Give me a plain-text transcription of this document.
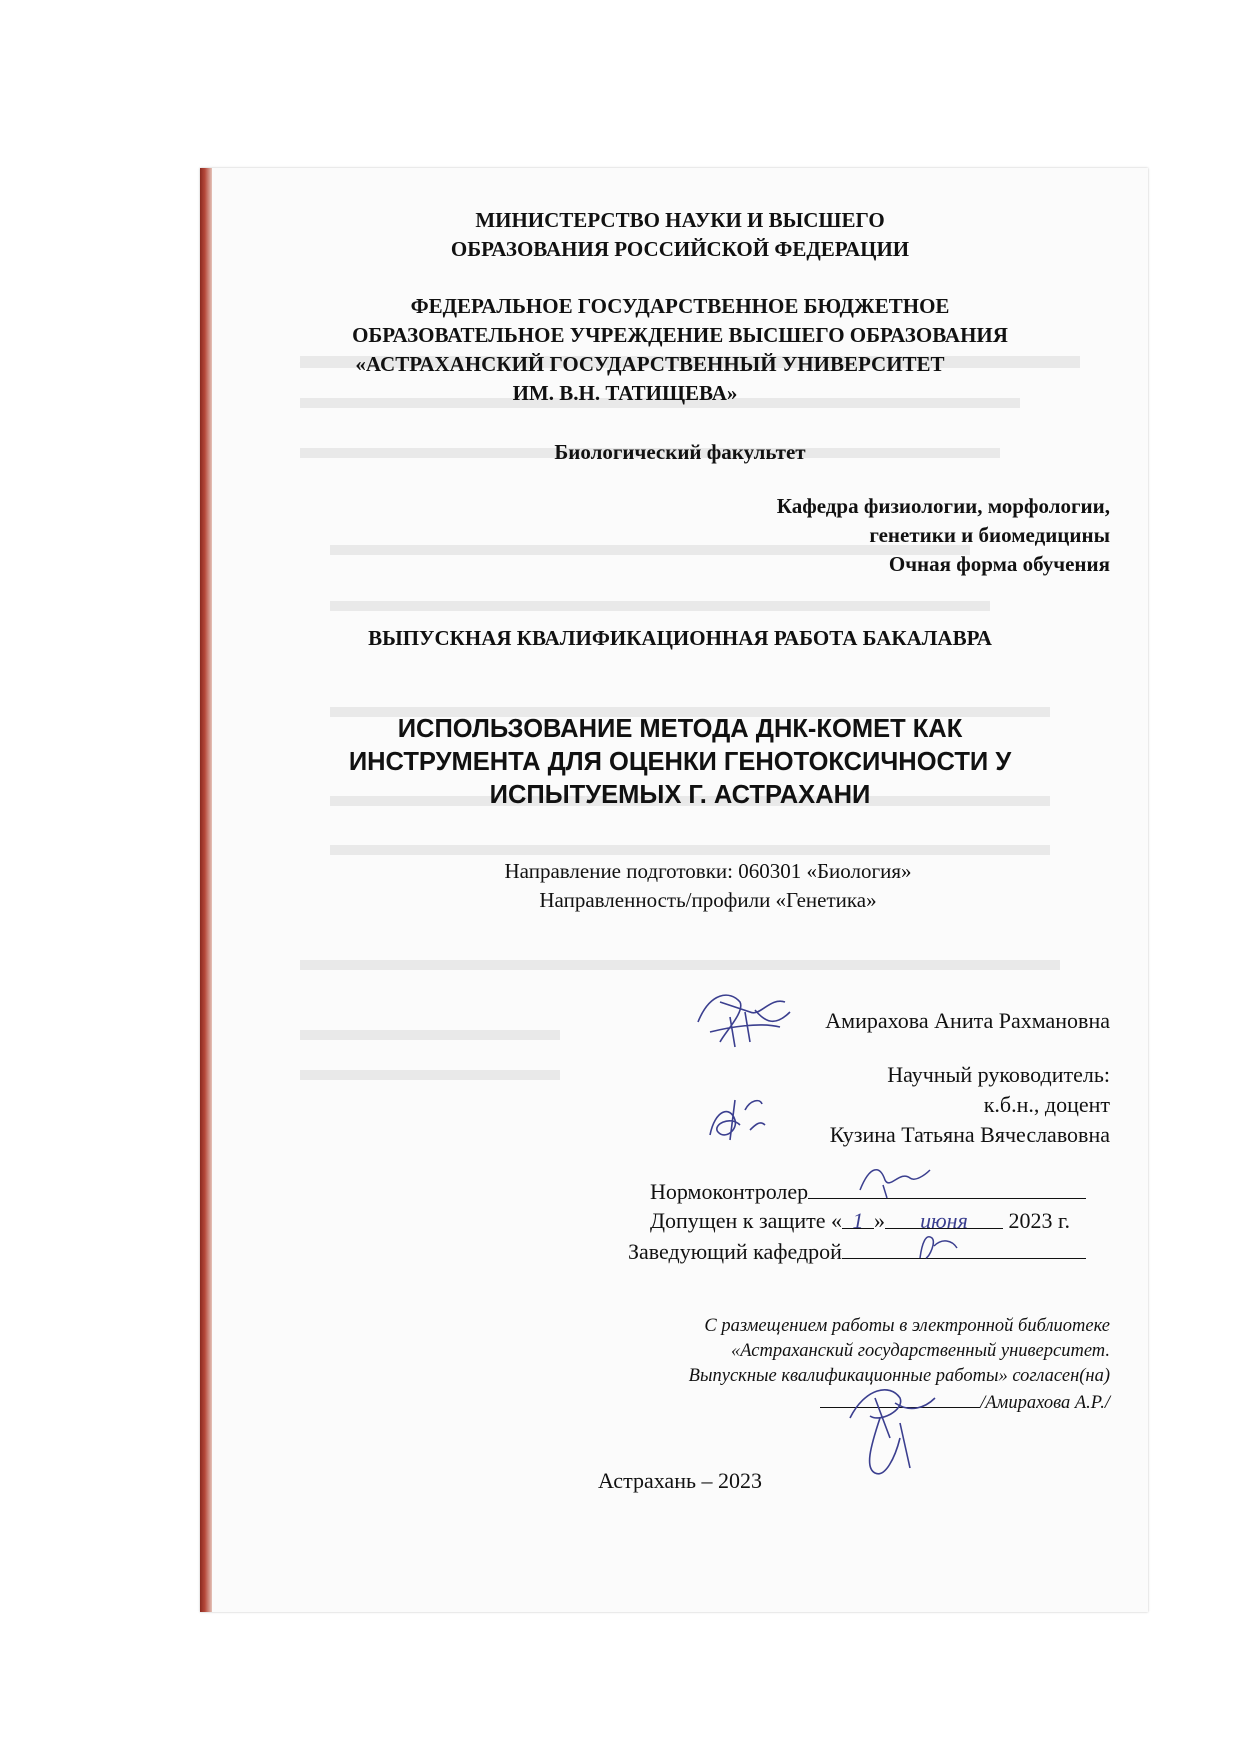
МИНИСТЕРСТВО НАУКИ И ВЫСШЕГО
ОБРАЗОВАНИЯ РОССИЙСКОЙ ФЕДЕРАЦИИ
ФЕДЕРАЛЬНОЕ ГОСУДАРСТВЕННОЕ БЮДЖЕТНОЕ
ОБРАЗОВАТЕЛЬНОЕ УЧРЕЖДЕНИЕ ВЫСШЕГО ОБРАЗОВАНИЯ
«АСТРАХАНСКИЙ ГОСУДАРСТВЕННЫЙ УНИВЕРСИТЕТ
ИМ. В.Н. ТАТИЩЕВА»
Биологический факультет
Кафедра физиологии, морфологии,
генетики и биомедицины
Очная форма обучения
ВЫПУСКНАЯ КВАЛИФИКАЦИОННАЯ РАБОТА БАКАЛАВРА
ИСПОЛЬЗОВАНИЕ МЕТОДА ДНК-КОМЕТ КАК
ИНСТРУМЕНТА ДЛЯ ОЦЕНКИ ГЕНОТОКСИЧНОСТИ У
ИСПЫТУЕМЫХ Г. АСТРАХАНИ
Направление подготовки: 060301 «Биология»
Направленность/профили «Генетика»
Амирахова Анита Рахмановна
Научный руководитель:
к.б.н., доцент
Кузина Татьяна Вячеславовна
Нормоконтролер
Допущен к защите « 1 » июня 2023 г.
Заведующий кафедрой
С размещением работы в электронной библиотеке
«Астраханский государственный университет.
Выпускные квалификационные работы» согласен(на)
/Амирахова А.Р./
Астрахань – 2023
